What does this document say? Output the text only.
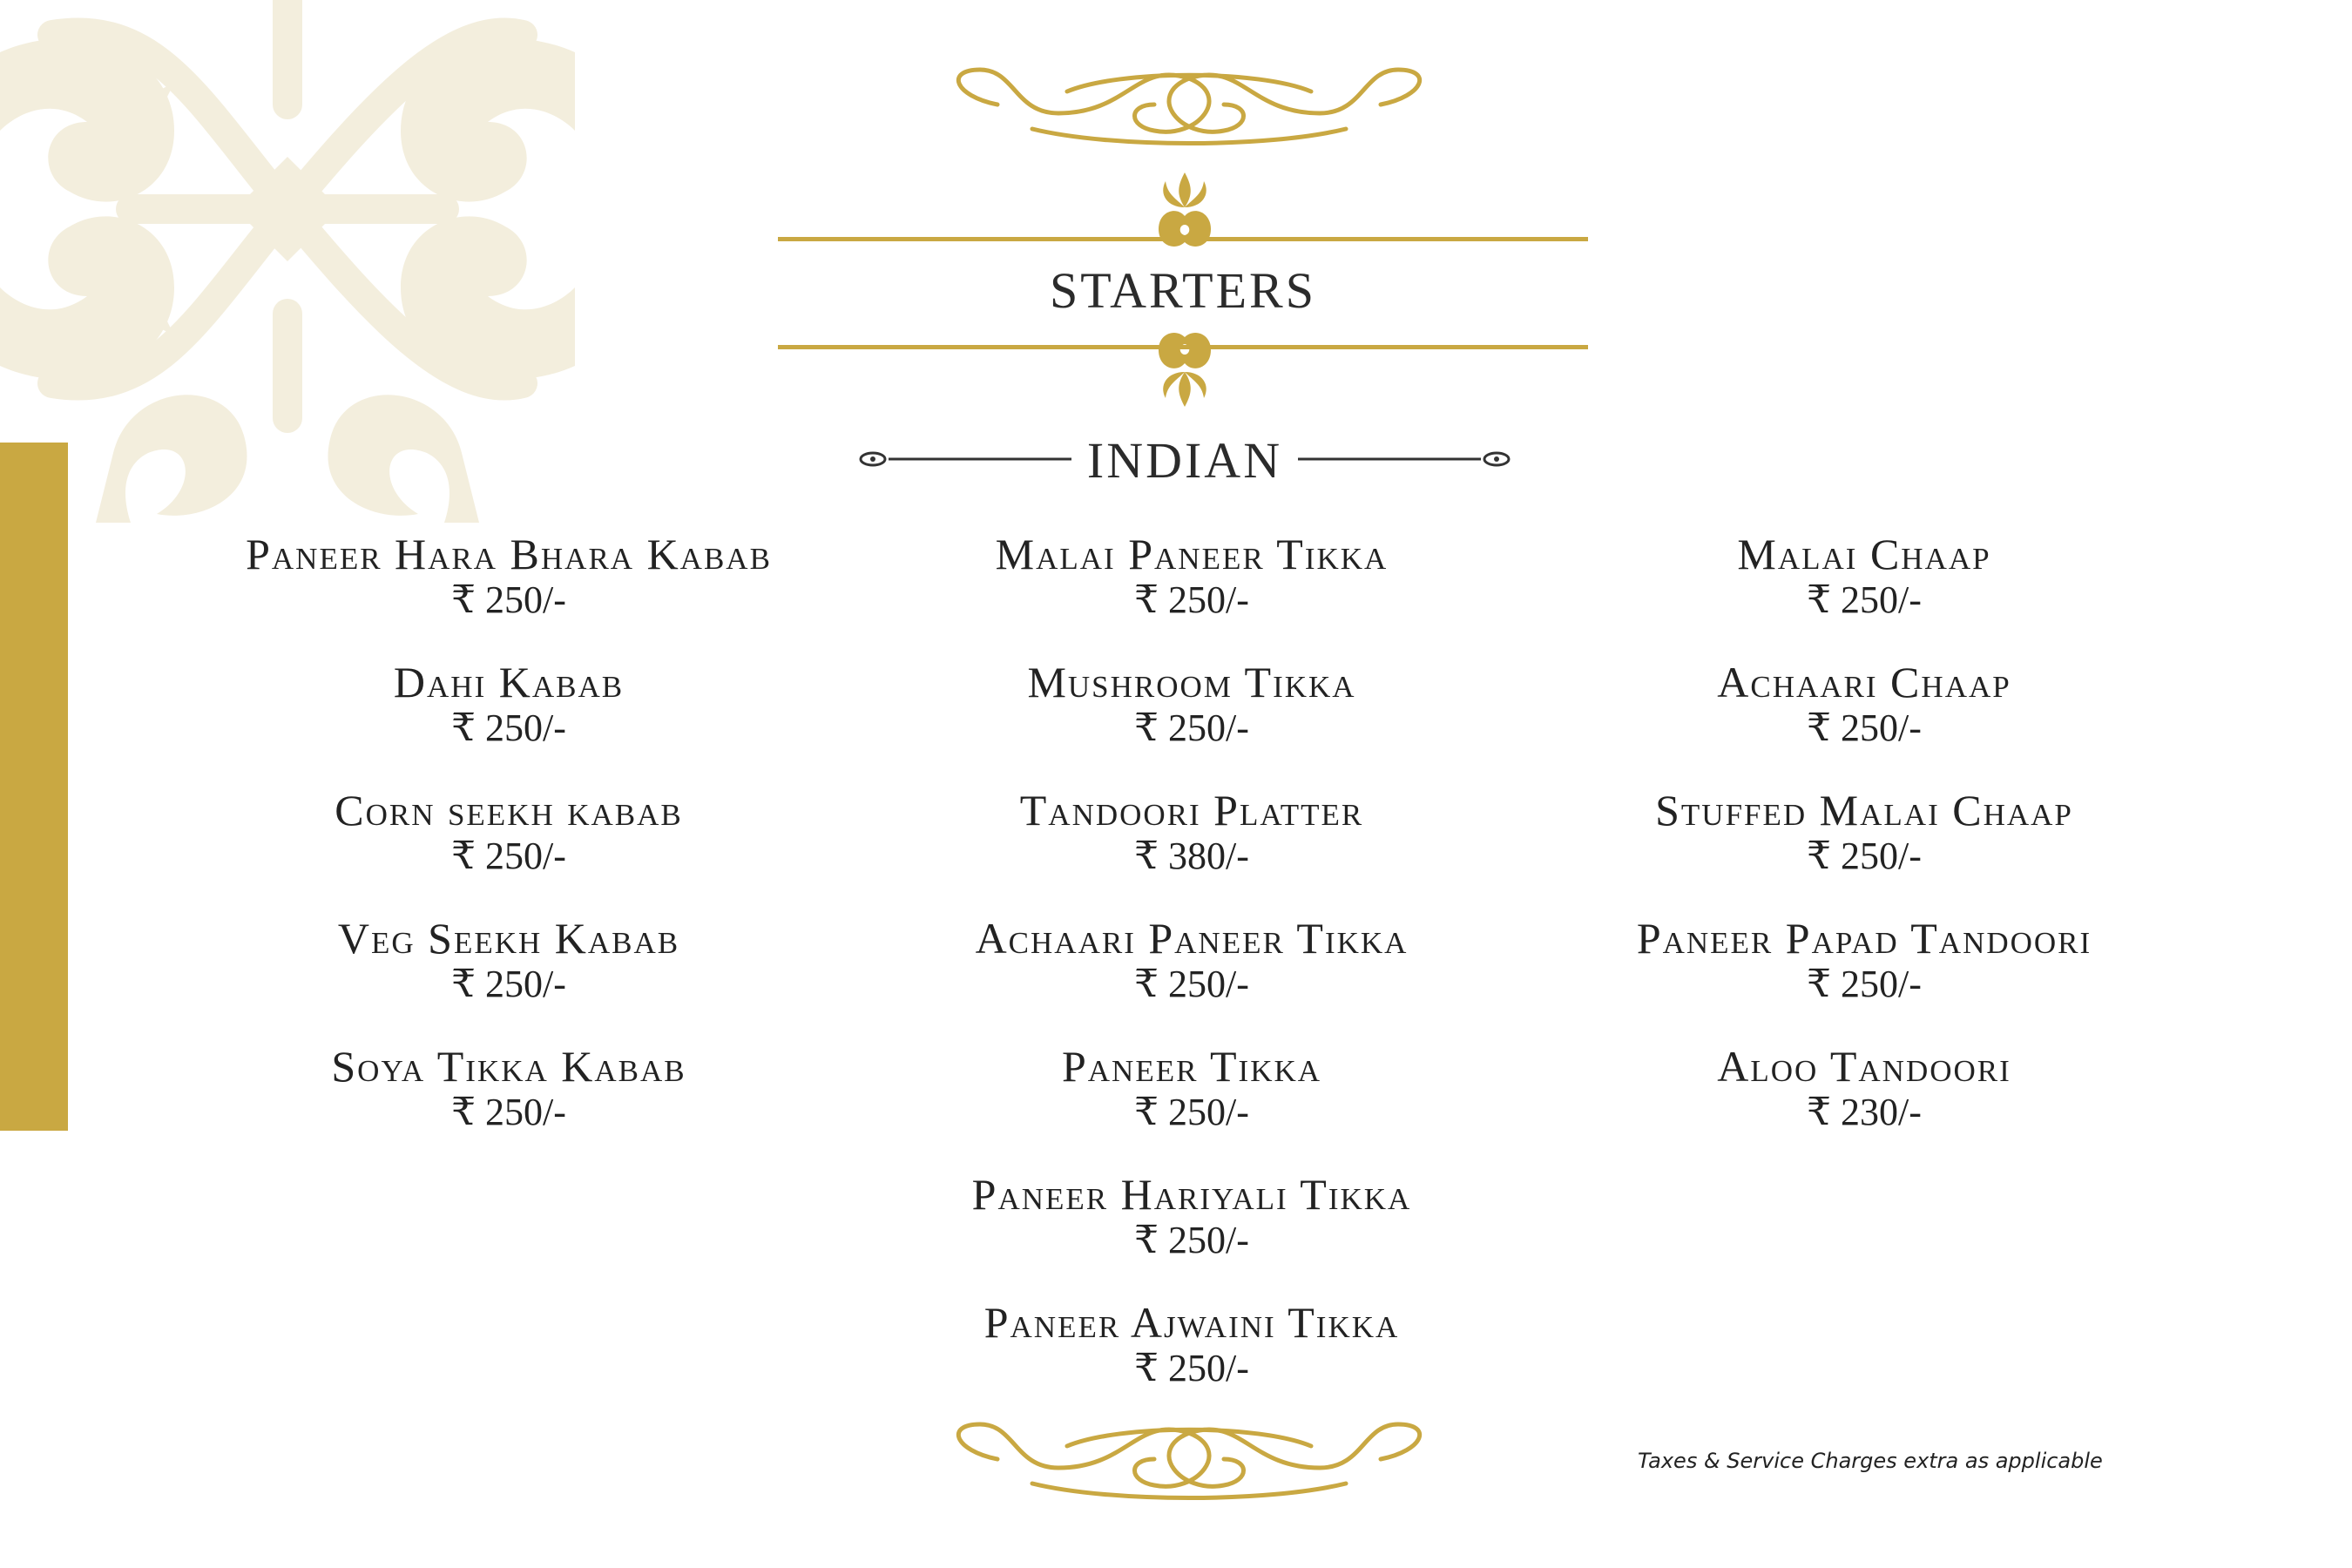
STARTERS
INDIAN
Paneer Hara Bhara Kabab
₹ 250/-
Dahi Kabab
₹ 250/-
Corn seekh kabab
₹ 250/-
Veg Seekh Kabab
₹ 250/-
Soya Tikka Kabab
₹ 250/-
Malai Paneer Tikka
₹ 250/-
Mushroom Tikka
₹ 250/-
Tandoori Platter
₹ 380/-
Achaari Paneer Tikka
₹ 250/-
Paneer Tikka
₹ 250/-
Paneer Hariyali Tikka
₹ 250/-
Paneer Ajwaini Tikka
₹ 250/-
Malai Chaap
₹ 250/-
Achaari Chaap
₹ 250/-
Stuffed Malai Chaap
₹ 250/-
Paneer Papad Tandoori
₹ 250/-
Aloo Tandoori
₹ 230/-
Taxes & Service Charges extra as applicable
